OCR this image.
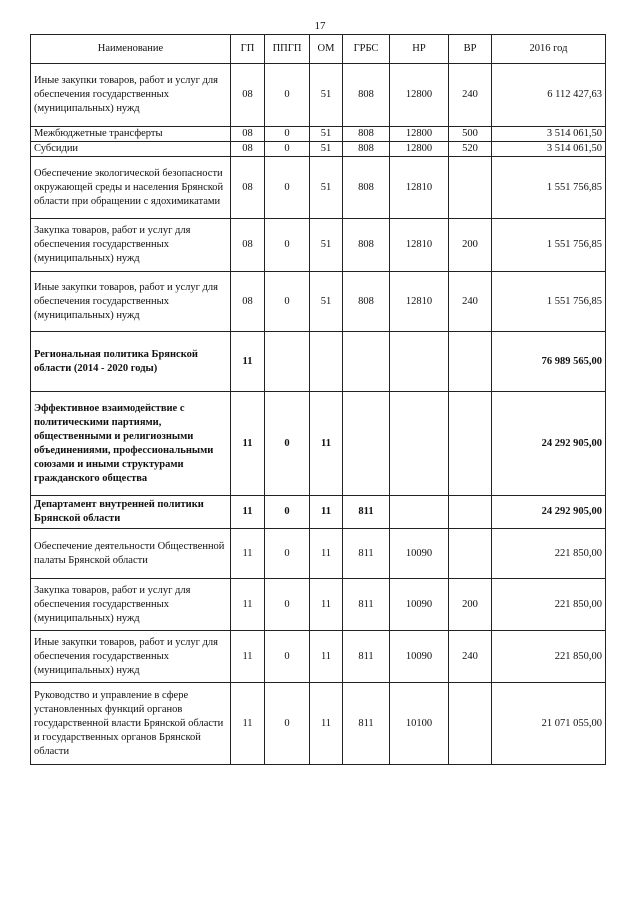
17
Наименование	ГП	ППГП	ОМ	ГРБС	НР	ВР	2016 год
Иные закупки товаров, работ и услуг для обеспечения государственных (муниципальных) нужд	08	0	51	808	12800	240	6 112 427,63
Межбюджетные трансферты	08	0	51	808	12800	500	3 514 061,50
Субсидии	08	0	51	808	12800	520	3 514 061,50
Обеспечение экологической безопасности окружающей среды и населения Брянской области при обращении с ядохимикатами	08	0	51	808	12810		1 551 756,85
Закупка товаров, работ и услуг для обеспечения государственных (муниципальных) нужд	08	0	51	808	12810	200	1 551 756,85
Иные закупки товаров, работ и услуг для обеспечения государственных (муниципальных) нужд	08	0	51	808	12810	240	1 551 756,85
Региональная политика Брянской области (2014 - 2020 годы)	11						76 989 565,00
Эффективное взаимодействие с политическими партиями, общественными и религиозными объединениями, профессиональными союзами и иными структурами гражданского общества	11	0	11				24 292 905,00
Департамент внутренней политики Брянской области	11	0	11	811			24 292 905,00
Обеспечение деятельности Общественной палаты Брянской области	11	0	11	811	10090		221 850,00
Закупка товаров, работ и услуг для обеспечения государственных (муниципальных) нужд	11	0	11	811	10090	200	221 850,00
Иные закупки товаров, работ и услуг для обеспечения государственных (муниципальных) нужд	11	0	11	811	10090	240	221 850,00
Руководство и управление в сфере установленных функций органов государственной власти Брянской области и государственных органов Брянской области	11	0	11	811	10100		21 071 055,00
